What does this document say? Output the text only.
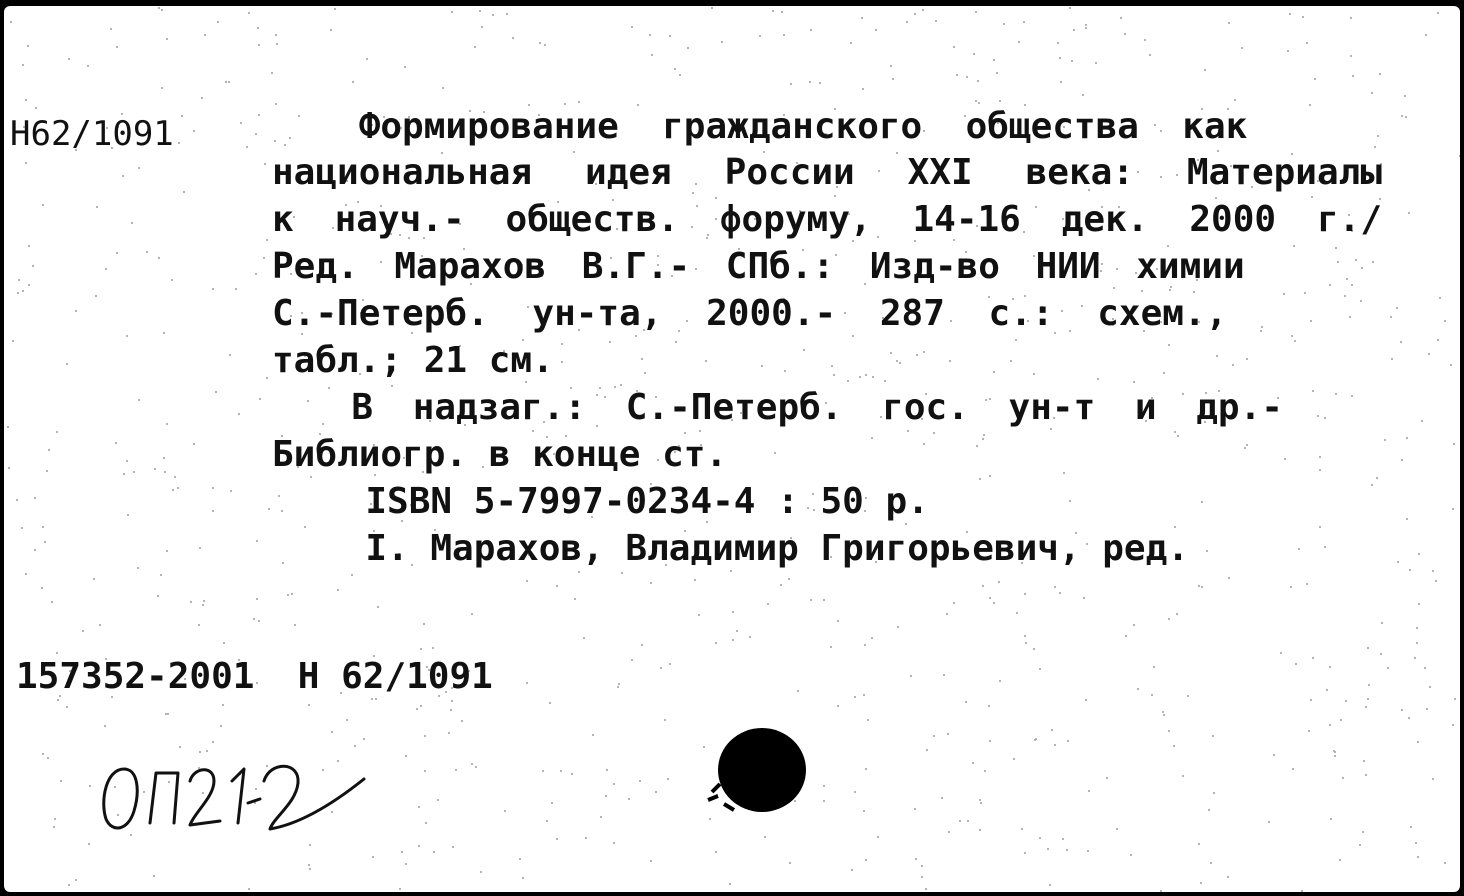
Н62/1091	Формирование  гражданского  общества  как
национальная идея России XXI века: Материалы
к науч.- обществ. форуму, 14-16 дек. 2000 г./
Ред. Марахов В.Г.- СПб.: Изд-во НИИ химии
С.-Петерб. ун-та, 2000.- 287 с.: схем.,
табл.; 21 см.
В надзаг.: С.-Петерб. гос. ун-т и др.-
Библиогр. в конце ст.
ISBN 5-7997-0234-4 : 50 р.
I. Марахов, Владимир Григорьевич, ред.
157352-2001  Н 62/1091
